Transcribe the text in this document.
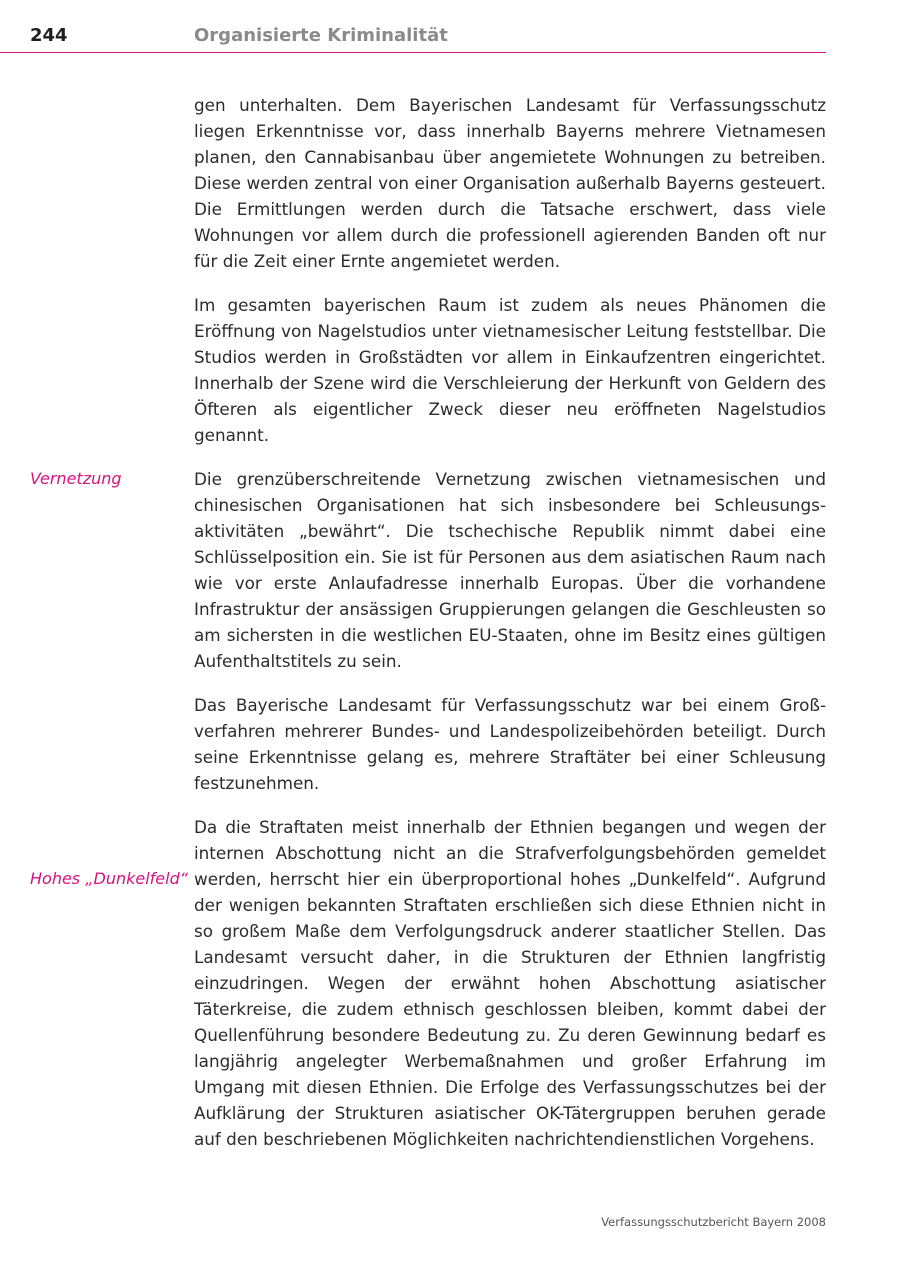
244	Organisierte Kriminalität

gen unterhalten. Dem Bayerischen Landesamt für Verfassungsschutz liegen Erkenntnisse vor, dass innerhalb Bayerns mehrere Vietnamesen planen, den Cannabisanbau über angemietete Wohnungen zu betreiben. Diese werden zentral von einer Organisation außerhalb Bayerns gesteuert. Die Ermittlungen werden durch die Tatsache erschwert, dass viele Wohnungen vor allem durch die professionell agierenden Banden oft nur für die Zeit einer Ernte angemietet werden.

Im gesamten bayerischen Raum ist zudem als neues Phänomen die Eröffnung von Nagelstudios unter vietnamesischer Leitung feststellbar. Die Studios werden in Großstädten vor allem in Einkaufzentren eingerichtet. Innerhalb der Szene wird die Verschleierung der Herkunft von Geldern des Öfteren als eigentlicher Zweck dieser neu eröffneten Nagelstudios genannt.

Vernetzung	Die grenzüberschreitende Vernetzung zwischen vietnamesischen und chinesischen Organisationen hat sich insbesondere bei Schleusungsaktivitäten „bewährt“. Die tschechische Republik nimmt dabei eine Schlüsselposition ein. Sie ist für Personen aus dem asiatischen Raum nach wie vor erste Anlaufadresse innerhalb Europas. Über die vorhandene Infrastruktur der ansässigen Gruppierungen gelangen die Geschleusten so am sichersten in die westlichen EU-Staaten, ohne im Besitz eines gültigen Aufenthaltstitels zu sein.

Das Bayerische Landesamt für Verfassungsschutz war bei einem Großverfahren mehrerer Bundes- und Landespolizeibehörden beteiligt. Durch seine Erkenntnisse gelang es, mehrere Straftäter bei einer Schleusung festzunehmen.

Hohes „Dunkelfeld“
Da die Straftaten meist innerhalb der Ethnien begangen und wegen der internen Abschottung nicht an die Strafverfolgungsbehörden gemeldet werden, herrscht hier ein überproportional hohes „Dunkelfeld“. Aufgrund der wenigen bekannten Straftaten erschließen sich diese Ethnien nicht in so großem Maße dem Verfolgungsdruck anderer staatlicher Stellen. Das Landesamt versucht daher, in die Strukturen der Ethnien langfristig einzudringen. Wegen der erwähnt hohen Abschottung asiatischer Täterkreise, die zudem ethnisch geschlossen bleiben, kommt dabei der Quellenführung besondere Bedeutung zu. Zu deren Gewinnung bedarf es langjährig angelegter Werbemaßnahmen und großer Erfahrung im Umgang mit diesen Ethnien. Die Erfolge des Verfassungsschutzes bei der Aufklärung der Strukturen asiatischer OK-Tätergruppen beruhen gerade auf den beschriebenen Möglichkeiten nachrichtendienstlichen Vorgehens.

Verfassungsschutzbericht Bayern 2008
